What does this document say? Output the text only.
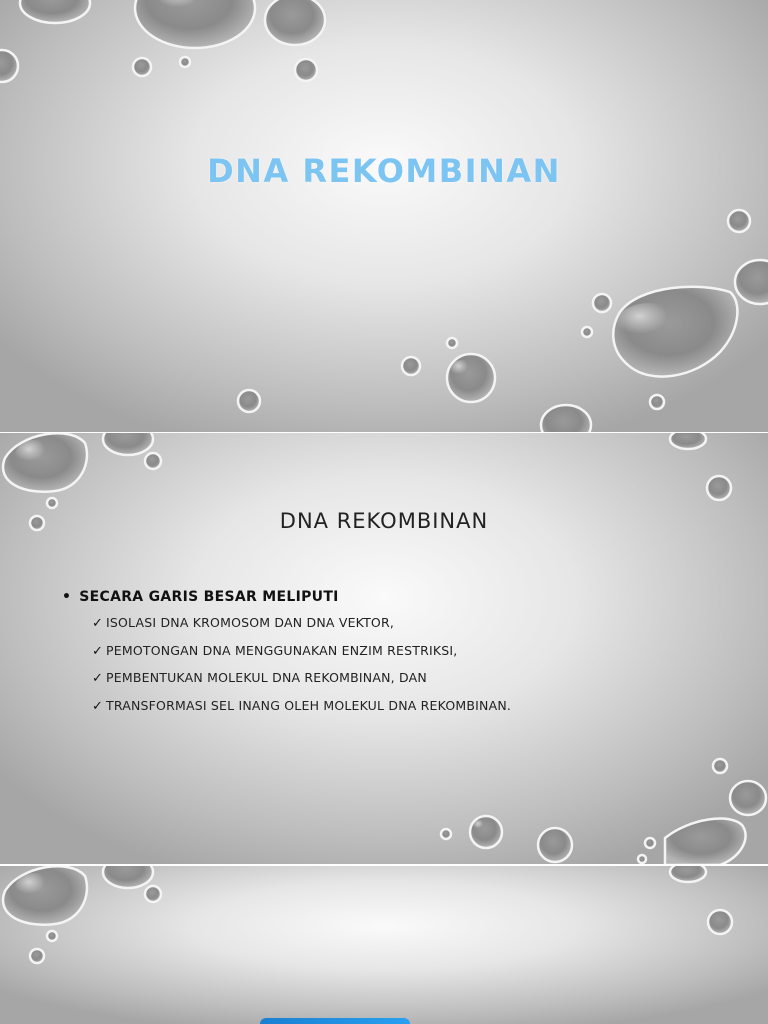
DNA REKOMBINAN
DNA REKOMBINAN
• SECARA GARIS BESAR MELIPUTI
✓ ISOLASI DNA KROMOSOM DAN DNA VEKTOR,
✓ PEMOTONGAN DNA MENGGUNAKAN ENZIM RESTRIKSI,
✓ PEMBENTUKAN MOLEKUL DNA REKOMBINAN, DAN
✓ TRANSFORMASI SEL INANG OLEH MOLEKUL DNA REKOMBINAN.
